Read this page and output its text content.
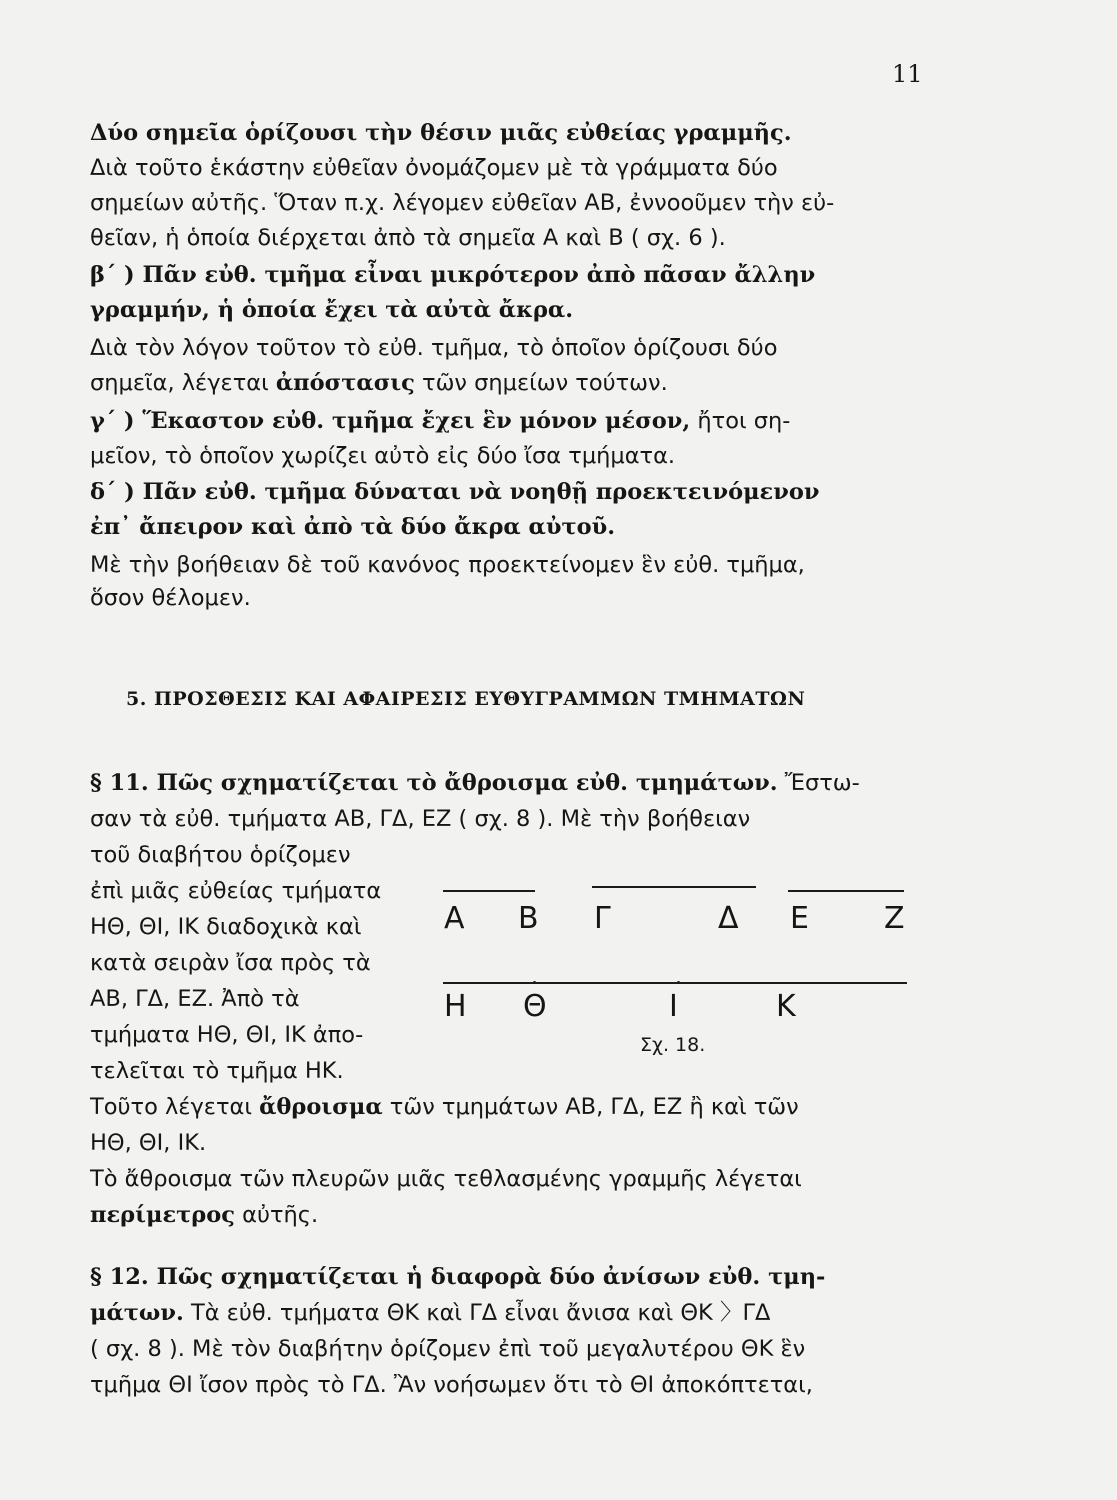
11
Δύο σημεῖα ὁρίζουσι τὴν θέσιν μιᾶς εὐθείας γραμμῆς.
Διὰ τοῦτο ἑκάστην εὐθεῖαν ὀνομάζομεν μὲ τὰ γράμματα δύο
σημείων αὐτῆς. Ὅταν π.χ. λέγομεν εὐθεῖαν ΑΒ, ἐννοοῦμεν τὴν εὐ-
θεῖαν, ἡ ὁποία διέρχεται ἀπὸ τὰ σημεῖα Α καὶ Β ( σχ. 6 ).
β΄ ) Πᾶν εὐθ. τμῆμα εἶναι μικρότερον ἀπὸ πᾶσαν ἄλλην
γραμμήν, ἡ ὁποία ἔχει τὰ αὐτὰ ἄκρα.
Διὰ τὸν λόγον τοῦτον τὸ εὐθ. τμῆμα, τὸ ὁποῖον ὁρίζουσι δύο
σημεῖα, λέγεται ἀπόστασις τῶν σημείων τούτων.
γ΄ ) Ἕκαστον εὐθ. τμῆμα ἔχει ἓν μόνον μέσον, ἤτοι ση-
μεῖον, τὸ ὁποῖον χωρίζει αὐτὸ εἰς δύο ἴσα τμήματα.
δ΄ ) Πᾶν εὐθ. τμῆμα δύναται νὰ νοηθῇ προεκτεινόμενον
ἐπ᾽ ἄπειρον καὶ ἀπὸ τὰ δύο ἄκρα αὐτοῦ.
Μὲ τὴν βοήθειαν δὲ τοῦ κανόνος προεκτείνομεν ἓν εὐθ. τμῆμα,
ὅσον θέλομεν.
5. ΠΡΟΣΘΕΣΙΣ ΚΑΙ ΑΦΑΙΡΕΣΙΣ ΕΥΘΥΓΡΑΜΜΩΝ ΤΜΗΜΑΤΩΝ
§ 11. Πῶς σχηματίζεται τὸ ἄθροισμα εὐθ. τμημάτων. Ἔστω-
σαν τὰ εὐθ. τμήματα ΑΒ, ΓΔ, ΕΖ ( σχ. 8 ). Μὲ τὴν βοήθειαν
τοῦ διαβήτου ὁρίζομεν
ἐπὶ μιᾶς εὐθείας τμήματα
ΗΘ, ΘΙ, ΙΚ διαδοχικὰ καὶ
κατὰ σειρὰν ἴσα πρὸς τὰ
ΑΒ, ΓΔ, ΕΖ. Ἀπὸ τὰ
τμήματα ΗΘ, ΘΙ, ΙΚ ἀπο-
τελεῖται τὸ τμῆμα ΗΚ.
Τοῦτο λέγεται ἄθροισμα τῶν τμημάτων ΑΒ, ΓΔ, ΕΖ ἢ καὶ τῶν
ΗΘ, ΘΙ, ΙΚ.
Τὸ ἄθροισμα τῶν πλευρῶν μιᾶς τεθλασμένης γραμμῆς λέγεται
περίμετρος αὐτῆς.
Α Β Γ	Δ Ε	Ζ
Η Θ	Ι	Κ
Σχ. 18.
§ 12. Πῶς σχηματίζεται ἡ διαφορὰ δύο ἀνίσων εὐθ. τμη-
μάτων. Τὰ εὐθ. τμήματα ΘΚ καὶ ΓΔ εἶναι ἄνισα καὶ ΘΚ 〉ΓΔ
( σχ. 8 ). Μὲ τὸν διαβήτην ὁρίζομεν ἐπὶ τοῦ μεγαλυτέρου ΘΚ ἓν
τμῆμα ΘΙ ἴσον πρὸς τὸ ΓΔ. Ἂν νοήσωμεν ὅτι τὸ ΘΙ ἀποκόπτεται,
